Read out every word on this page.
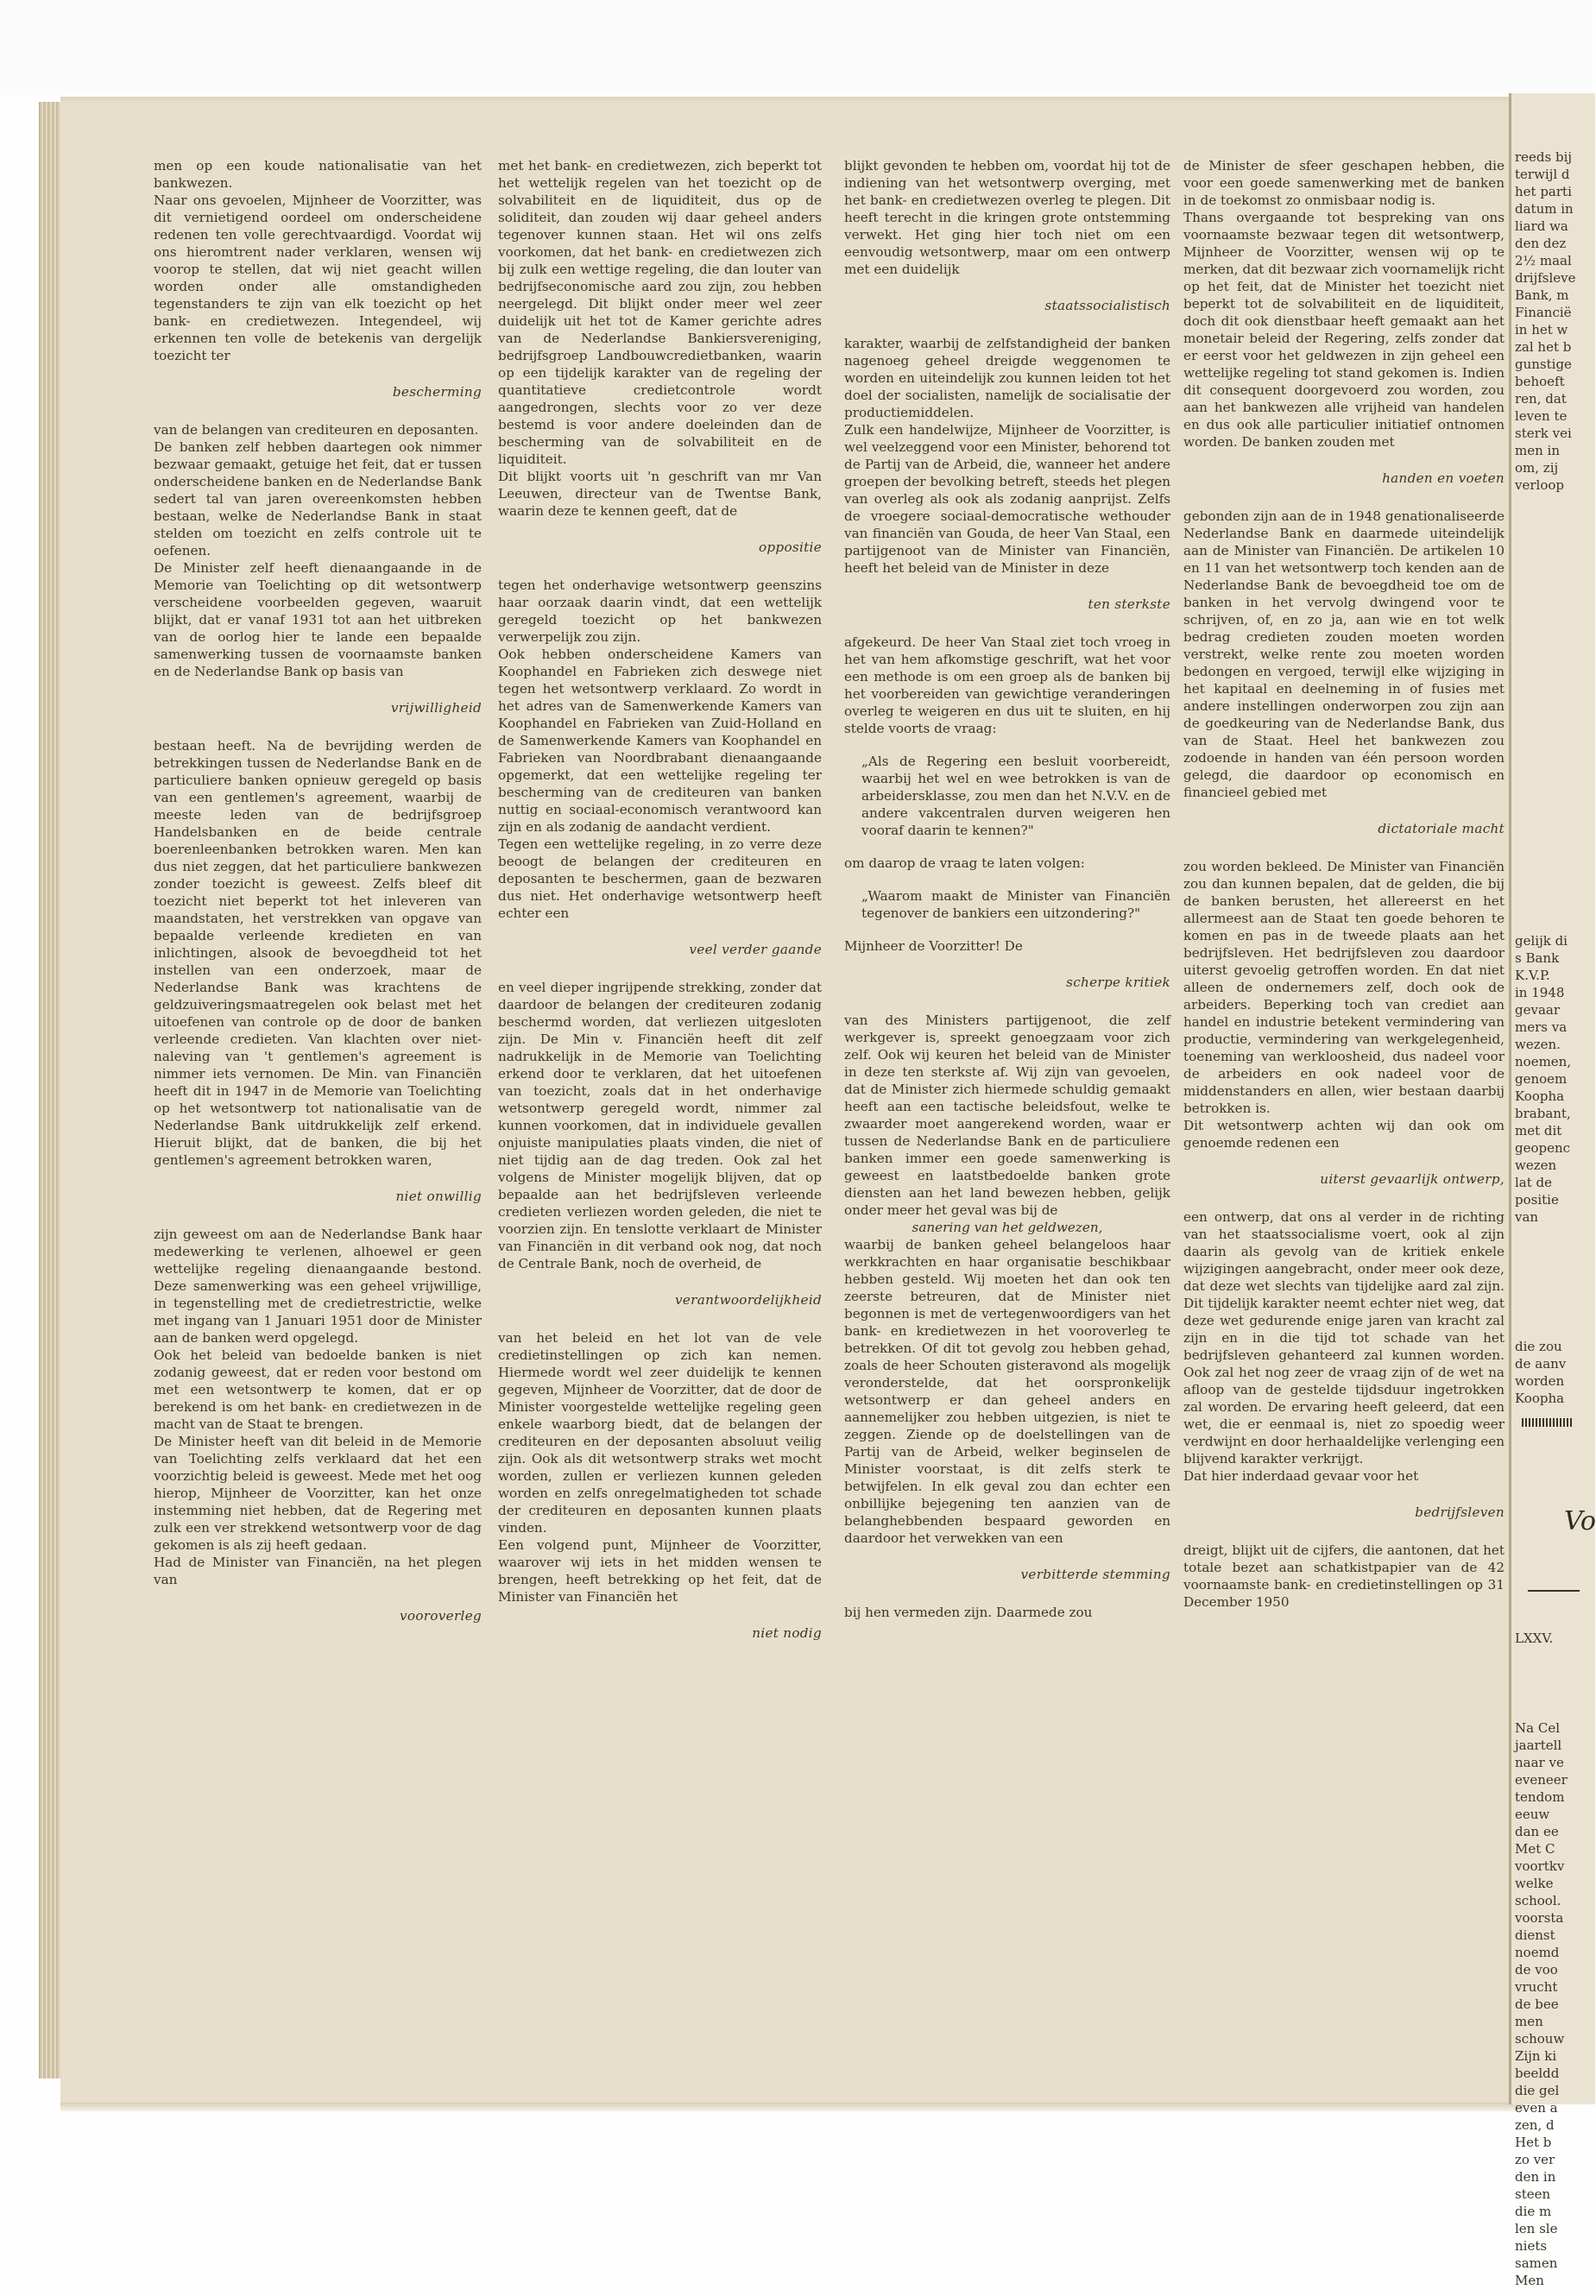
men op een koude nationalisatie van het bankwezen.

Naar ons gevoelen, Mijnheer de Voorzitter, was dit vernietigend oordeel om onderscheidene redenen ten volle gerechtvaardigd. Voordat wij ons hieromtrent nader verklaren, wensen wij voorop te stellen, dat wij niet geacht willen worden onder alle omstandigheden tegenstanders te zijn van elk toezicht op het bank- en credietwezen. Integendeel, wij erkennen ten volle de betekenis van dergelijk toezicht ter

bescherming

van de belangen van crediteuren en deposanten.

De banken zelf hebben daartegen ook nimmer bezwaar gemaakt, getuige het feit, dat er tussen onderscheidene banken en de Nederlandse Bank sedert tal van jaren overeenkomsten hebben bestaan, welke de Nederlandse Bank in staat stelden om toezicht en zelfs controle uit te oefenen.

De Minister zelf heeft dienaangaande in de Memorie van Toelichting op dit wetsontwerp verscheidene voorbeelden gegeven, waaruit blijkt, dat er vanaf 1931 tot aan het uitbreken van de oorlog hier te lande een bepaalde samenwerking tussen de voornaamste banken en de Nederlandse Bank op basis van

vrijwilligheid

bestaan heeft. Na de bevrijding werden de betrekkingen tussen de Nederlandse Bank en de particuliere banken opnieuw geregeld op basis van een gentlemen's agreement, waarbij de meeste leden van de bedrijfsgroep Handelsbanken en de beide centrale boerenleenbanken betrokken waren. Men kan dus niet zeggen, dat het particuliere bankwezen zonder toezicht is geweest. Zelfs bleef dit toezicht niet beperkt tot het inleveren van maandstaten, het verstrekken van opgave van bepaalde verleende kredieten en van inlichtingen, alsook de bevoegdheid tot het instellen van een onderzoek, maar de Nederlandse Bank was krachtens de geldzuiveringsmaatregelen ook belast met het uitoefenen van controle op de door de banken verleende credieten. Van klachten over niet-naleving van 't gentlemen's agreement is nimmer iets vernomen. De Min. van Financiën heeft dit in 1947 in de Memorie van Toelichting op het wetsontwerp tot nationalisatie van de Nederlandse Bank uitdrukkelijk zelf erkend. Hieruit blijkt, dat de banken, die bij het gentlemen's agreement betrokken waren,

niet onwillig

zijn geweest om aan de Nederlandse Bank haar medewerking te verlenen, alhoewel er geen wettelijke regeling dienaangaande bestond. Deze samenwerking was een geheel vrijwillige, in tegenstelling met de credietrestrictie, welke met ingang van 1 Januari 1951 door de Minister aan de banken werd opgelegd.

Ook het beleid van bedoelde banken is niet zodanig geweest, dat er reden voor bestond om met een wetsontwerp te komen, dat er op berekend is om het bank- en credietwezen in de macht van de Staat te brengen.

De Minister heeft van dit beleid in de Memorie van Toelichting zelfs verklaard dat het een voorzichtig beleid is geweest. Mede met het oog hierop, Mijnheer de Voorzitter, kan het onze instemming niet hebben, dat de Regering met zulk een ver strekkend wetsontwerp voor de dag gekomen is als zij heeft gedaan.

Had de Minister van Financiën, na het plegen van

vooroverleg

met het bank- en credietwezen, zich beperkt tot het wettelijk regelen van het toezicht op de solvabiliteit en de liquiditeit, dus op de soliditeit, dan zouden wij daar geheel anders tegenover kunnen staan. Het wil ons zelfs voorkomen, dat het bank- en credietwezen zich bij zulk een wettige regeling, die dan louter van bedrijfseconomische aard zou zijn, zou hebben neergelegd. Dit blijkt onder meer wel zeer duidelijk uit het tot de Kamer gerichte adres van de Nederlandse Bankiersvereniging, bedrijfsgroep Landbouwcredietbanken, waarin op een tijdelijk karakter van de regeling der quantitatieve credietcontrole wordt aangedrongen, slechts voor zo ver deze bestemd is voor andere doeleinden dan de bescherming van de solvabiliteit en de liquiditeit.

Dit blijkt voorts uit 'n geschrift van mr Van Leeuwen, directeur van de Twentse Bank, waarin deze te kennen geeft, dat de

oppositie

tegen het onderhavige wetsontwerp geenszins haar oorzaak daarin vindt, dat een wettelijk geregeld toezicht op het bankwezen verwerpelijk zou zijn.

Ook hebben onderscheidene Kamers van Koophandel en Fabrieken zich deswege niet tegen het wetsontwerp verklaard. Zo wordt in het adres van de Samenwerkende Kamers van Koophandel en Fabrieken van Zuid-Holland en de Samenwerkende Kamers van Koophandel en Fabrieken van Noordbrabant dienaangaande opgemerkt, dat een wettelijke regeling ter bescherming van de crediteuren van banken nuttig en sociaal-economisch verantwoord kan zijn en als zodanig de aandacht verdient.

Tegen een wettelijke regeling, in zo verre deze beoogt de belangen der crediteuren en deposanten te beschermen, gaan de bezwaren dus niet. Het onderhavige wetsontwerp heeft echter een

veel verder gaande

en veel dieper ingrijpende strekking, zonder dat daardoor de belangen der crediteuren zodanig beschermd worden, dat verliezen uitgesloten zijn. De Min v. Financiën heeft dit zelf nadrukkelijk in de Memorie van Toelichting erkend door te verklaren, dat het uitoefenen van toezicht, zoals dat in het onderhavige wetsontwerp geregeld wordt, nimmer zal kunnen voorkomen, dat in individuele gevallen onjuiste manipulaties plaats vinden, die niet of niet tijdig aan de dag treden. Ook zal het volgens de Minister mogelijk blijven, dat op bepaalde aan het bedrijfsleven verleende credieten verliezen worden geleden, die niet te voorzien zijn. En tenslotte verklaart de Minister van Financiën in dit verband ook nog, dat noch de Centrale Bank, noch de overheid, de

verantwoordelijkheid

van het beleid en het lot van de vele credietinstellingen op zich kan nemen. Hiermede wordt wel zeer duidelijk te kennen gegeven, Mijnheer de Voorzitter, dat de door de Minister voorgestelde wettelijke regeling geen enkele waarborg biedt, dat de belangen der crediteuren en der deposanten absoluut veilig zijn. Ook als dit wetsontwerp straks wet mocht worden, zullen er verliezen kunnen geleden worden en zelfs onregelmatigheden tot schade der crediteuren en deposanten kunnen plaats vinden.

Een volgend punt, Mijnheer de Voorzitter, waarover wij iets in het midden wensen te brengen, heeft betrekking op het feit, dat de Minister van Financiën het

niet nodig

blijkt gevonden te hebben om, voordat hij tot de indiening van het wetsontwerp overging, met het bank- en credietwezen overleg te plegen. Dit heeft terecht in die kringen grote ontstemming verwekt. Het ging hier toch niet om een eenvoudig wetsontwerp, maar om een ontwerp met een duidelijk

staatssocialistisch

karakter, waarbij de zelfstandigheid der banken nagenoeg geheel dreigde weggenomen te worden en uiteindelijk zou kunnen leiden tot het doel der socialisten, namelijk de socialisatie der productiemiddelen.

Zulk een handelwijze, Mijnheer de Voorzitter, is wel veelzeggend voor een Minister, behorend tot de Partij van de Arbeid, die, wanneer het andere groepen der bevolking betreft, steeds het plegen van overleg als ook als zodanig aanprijst. Zelfs de vroegere sociaal-democratische wethouder van financiën van Gouda, de heer Van Staal, een partijgenoot van de Minister van Financiën, heeft het beleid van de Minister in deze

ten sterkste

afgekeurd. De heer Van Staal ziet toch vroeg in het van hem afkomstige geschrift, wat het voor een methode is om een groep als de banken bij het voorbereiden van gewichtige veranderingen overleg te weigeren en dus uit te sluiten, en hij stelde voorts de vraag:

„Als de Regering een besluit voorbereidt, waarbij het wel en wee betrokken is van de arbeidersklasse, zou men dan het N.V.V. en de andere vakcentralen durven weigeren hen vooraf daarin te kennen?"

om daarop de vraag te laten volgen:

„Waarom maakt de Minister van Financiën tegenover de bankiers een uitzondering?"

Mijnheer de Voorzitter! De

scherpe kritiek

van des Ministers partijgenoot, die zelf werkgever is, spreekt genoegzaam voor zich zelf. Ook wij keuren het beleid van de Minister in deze ten sterkste af. Wij zijn van gevoelen, dat de Minister zich hiermede schuldig gemaakt heeft aan een tactische beleidsfout, welke te zwaarder moet aangerekend worden, waar er tussen de Nederlandse Bank en de particuliere banken immer een goede samenwerking is geweest en laatstbedoelde banken grote diensten aan het land bewezen hebben, gelijk onder meer het geval was bij de

sanering van het geldwezen,

waarbij de banken geheel belangeloos haar werkkrachten en haar organisatie beschikbaar hebben gesteld. Wij moeten het dan ook ten zeerste betreuren, dat de Minister niet begonnen is met de vertegenwoordigers van het bank- en kredietwezen in het vooroverleg te betrekken. Of dit tot gevolg zou hebben gehad, zoals de heer Schouten gisteravond als mogelijk veronderstelde, dat het oorspronkelijk wetsontwerp er dan geheel anders en aannemelijker zou hebben uitgezien, is niet te zeggen. Ziende op de doelstellingen van de Partij van de Arbeid, welker beginselen de Minister voorstaat, is dit zelfs sterk te betwijfelen. In elk geval zou dan echter een onbillijke bejegening ten aanzien van de belanghebbenden bespaard geworden en daardoor het verwekken van een

verbitterde stemming

bij hen vermeden zijn. Daarmede zou

de Minister de sfeer geschapen hebben, die voor een goede samenwerking met de banken in de toekomst zo onmisbaar nodig is.

Thans overgaande tot bespreking van ons voornaamste bezwaar tegen dit wetsontwerp, Mijnheer de Voorzitter, wensen wij op te merken, dat dit bezwaar zich voornamelijk richt op het feit, dat de Minister het toezicht niet beperkt tot de solvabiliteit en de liquiditeit, doch dit ook dienstbaar heeft gemaakt aan het monetair beleid der Regering, zelfs zonder dat er eerst voor het geldwezen in zijn geheel een wettelijke regeling tot stand gekomen is. Indien dit consequent doorgevoerd zou worden, zou aan het bankwezen alle vrijheid van handelen en dus ook alle particulier initiatief ontnomen worden. De banken zouden met

handen en voeten

gebonden zijn aan de in 1948 genationaliseerde Nederlandse Bank en daarmede uiteindelijk aan de Minister van Financiën. De artikelen 10 en 11 van het wetsontwerp toch kenden aan de Nederlandse Bank de bevoegdheid toe om de banken in het vervolg dwingend voor te schrijven, of, en zo ja, aan wie en tot welk bedrag credieten zouden moeten worden verstrekt, welke rente zou moeten worden bedongen en vergoed, terwijl elke wijziging in het kapitaal en deelneming in of fusies met andere instellingen onderworpen zou zijn aan de goedkeuring van de Nederlandse Bank, dus van de Staat. Heel het bankwezen zou zodoende in handen van één persoon worden gelegd, die daardoor op economisch en financieel gebied met

dictatoriale macht

zou worden bekleed. De Minister van Financiën zou dan kunnen bepalen, dat de gelden, die bij de banken berusten, het allereerst en het allermeest aan de Staat ten goede behoren te komen en pas in de tweede plaats aan het bedrijfsleven. Het bedrijfsleven zou daardoor uiterst gevoelig getroffen worden. En dat niet alleen de ondernemers zelf, doch ook de arbeiders. Beperking toch van crediet aan handel en industrie betekent vermindering van productie, vermindering van werkgelegenheid, toeneming van werkloosheid, dus nadeel voor de arbeiders en ook nadeel voor de middenstanders en allen, wier bestaan daarbij betrokken is.

Dit wetsontwerp achten wij dan ook om genoemde redenen een

uiterst gevaarlijk ontwerp,

een ontwerp, dat ons al verder in de richting van het staatssocialisme voert, ook al zijn daarin als gevolg van de kritiek enkele wijzigingen aangebracht, onder meer ook deze, dat deze wet slechts van tijdelijke aard zal zijn. Dit tijdelijk karakter neemt echter niet weg, dat deze wet gedurende enige jaren van kracht zal zijn en in die tijd tot schade van het bedrijfsleven gehanteerd zal kunnen worden. Ook zal het nog zeer de vraag zijn of de wet na afloop van de gestelde tijdsduur ingetrokken zal worden. De ervaring heeft geleerd, dat een wet, die er eenmaal is, niet zo spoedig weer verdwijnt en door herhaaldelijke verlenging een blijvend karakter verkrijgt.

Dat hier inderdaad gevaar voor het

bedrijfsleven

dreigt, blijkt uit de cijfers, die aantonen, dat het totale bezet aan schatkistpapier van de 42 voornaamste bank- en credietinstellingen op 31 December 1950

reeds bij
terwijl d
het parti
datum in
liard wa
den dez
2½ maal
drijfsleve
Bank, m
Financië
in het w
zal het b
gunstige
behoeft
ren, dat
leven te
sterk vei
men in
om, zij
verloop
gelijk di
s Bank
K.V.P.
in 1948
gevaar
mers va
wezen.
noemen,
genoem
Koopha
brabant,
met dit
geopenc
wezen
lat de
positie
van
die zou
de aanv
worden
Koopha
Vo
LXXV.
Na Cel
jaartell
naar ve
eveneer
tendom
eeuw
dan ee
Met C
voortkv
welke
school.
voorsta
dienst
noemd
de voo
vrucht
de bee
men
schouw
Zijn ki
beeldd
die gel
even a
zen, d
Het b
zo ver
den in
steen
die m
len sle
niets
samen
Men
